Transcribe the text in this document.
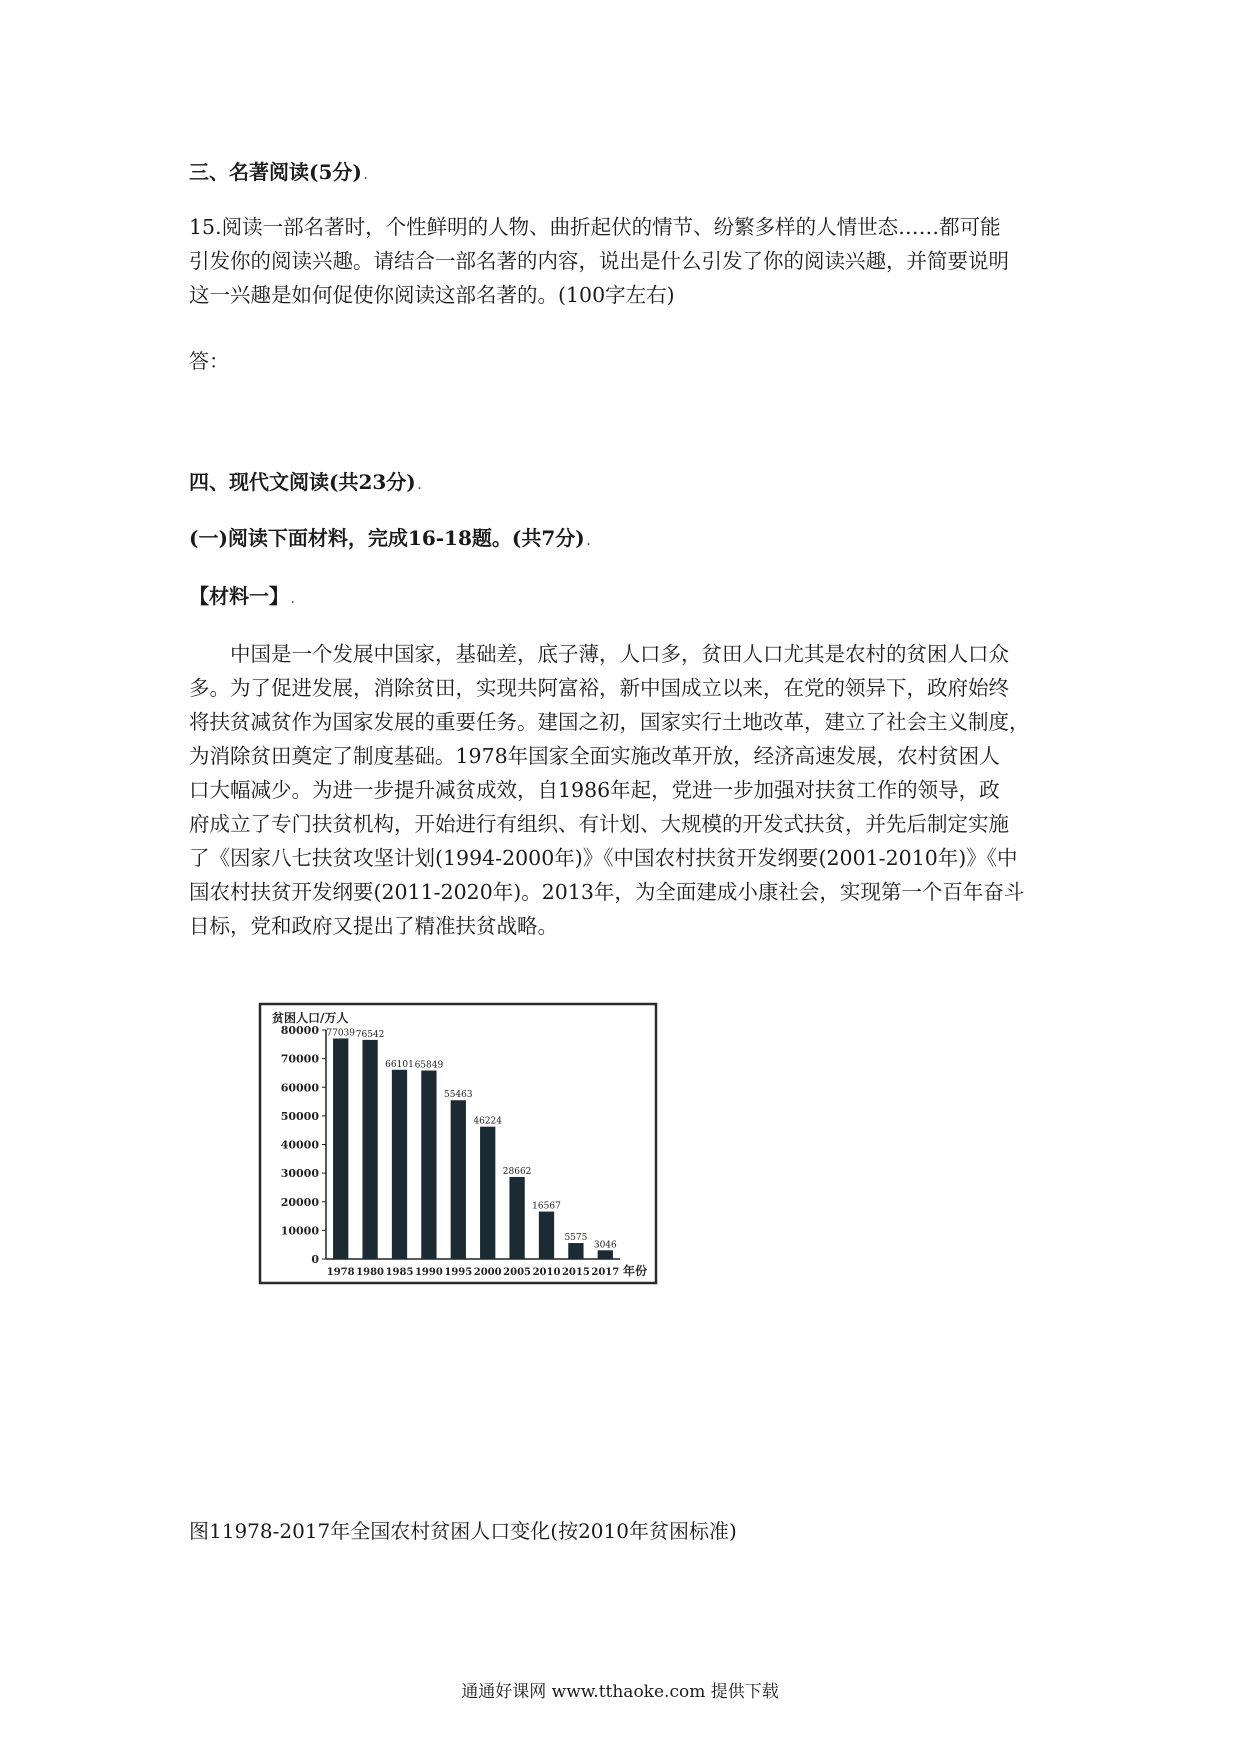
三、名著阅读(5分) .
15.阅读一部名著时，个性鲜明的人物、曲折起伏的情节、纷繁多样的人情世态……都可能
引发你的阅读兴趣。请结合一部名著的内容，说出是什么引发了你的阅读兴趣，并简要说明
这一兴趣是如何促使你阅读这部名著的。(100字左右)
答：
四、现代文阅读(共23分) .
(一)阅读下面材料，完成16-18题。(共7分) .
【材料一】 .
　　中国是一个发展中国家，基础差，底子薄，人口多，贫田人口尤其是农村的贫困人口众
多。为了促进发展，消除贫田，实现共阿富裕，新中国成立以来，在党的领异下，政府始终
将扶贫减贫作为国家发展的重要任务。建国之初，国家实行土地改革，建立了社会主义制度，
为消除贫田奠定了制度基础。1978年国家全面实施改革开放，经济高速发展，农村贫困人
口大幅减少。为进一步提升减贫成效，自1986年起，党进一步加强对扶贫工作的领导，政
府成立了专门扶贫机构，开始进行有组织、有计划、大规模的开发式扶贫，并先后制定实施
了《因家八七扶贫攻坚计划(1994-2000年)》《中国农村扶贫开发纲要(2001-2010年)》《中
国农村扶贫开发纲要(2011-2020年)。2013年，为全面建成小康社会，实现第一个百年奋斗
日标，党和政府又提出了精准扶贫战略。
贫困人口/万人
0
10000
20000
30000
40000
50000
60000
70000
80000 77039 76542
66101 65849
55463
46224
28662
16567
5575
3046
1978 1980 1985 1990 1995 2000 2005 2010 2015 2017 年份
图11978-2017年全国农村贫困人口变化(按2010年贫困标准)
通通好课网 www.tthaoke.com 提供下载
